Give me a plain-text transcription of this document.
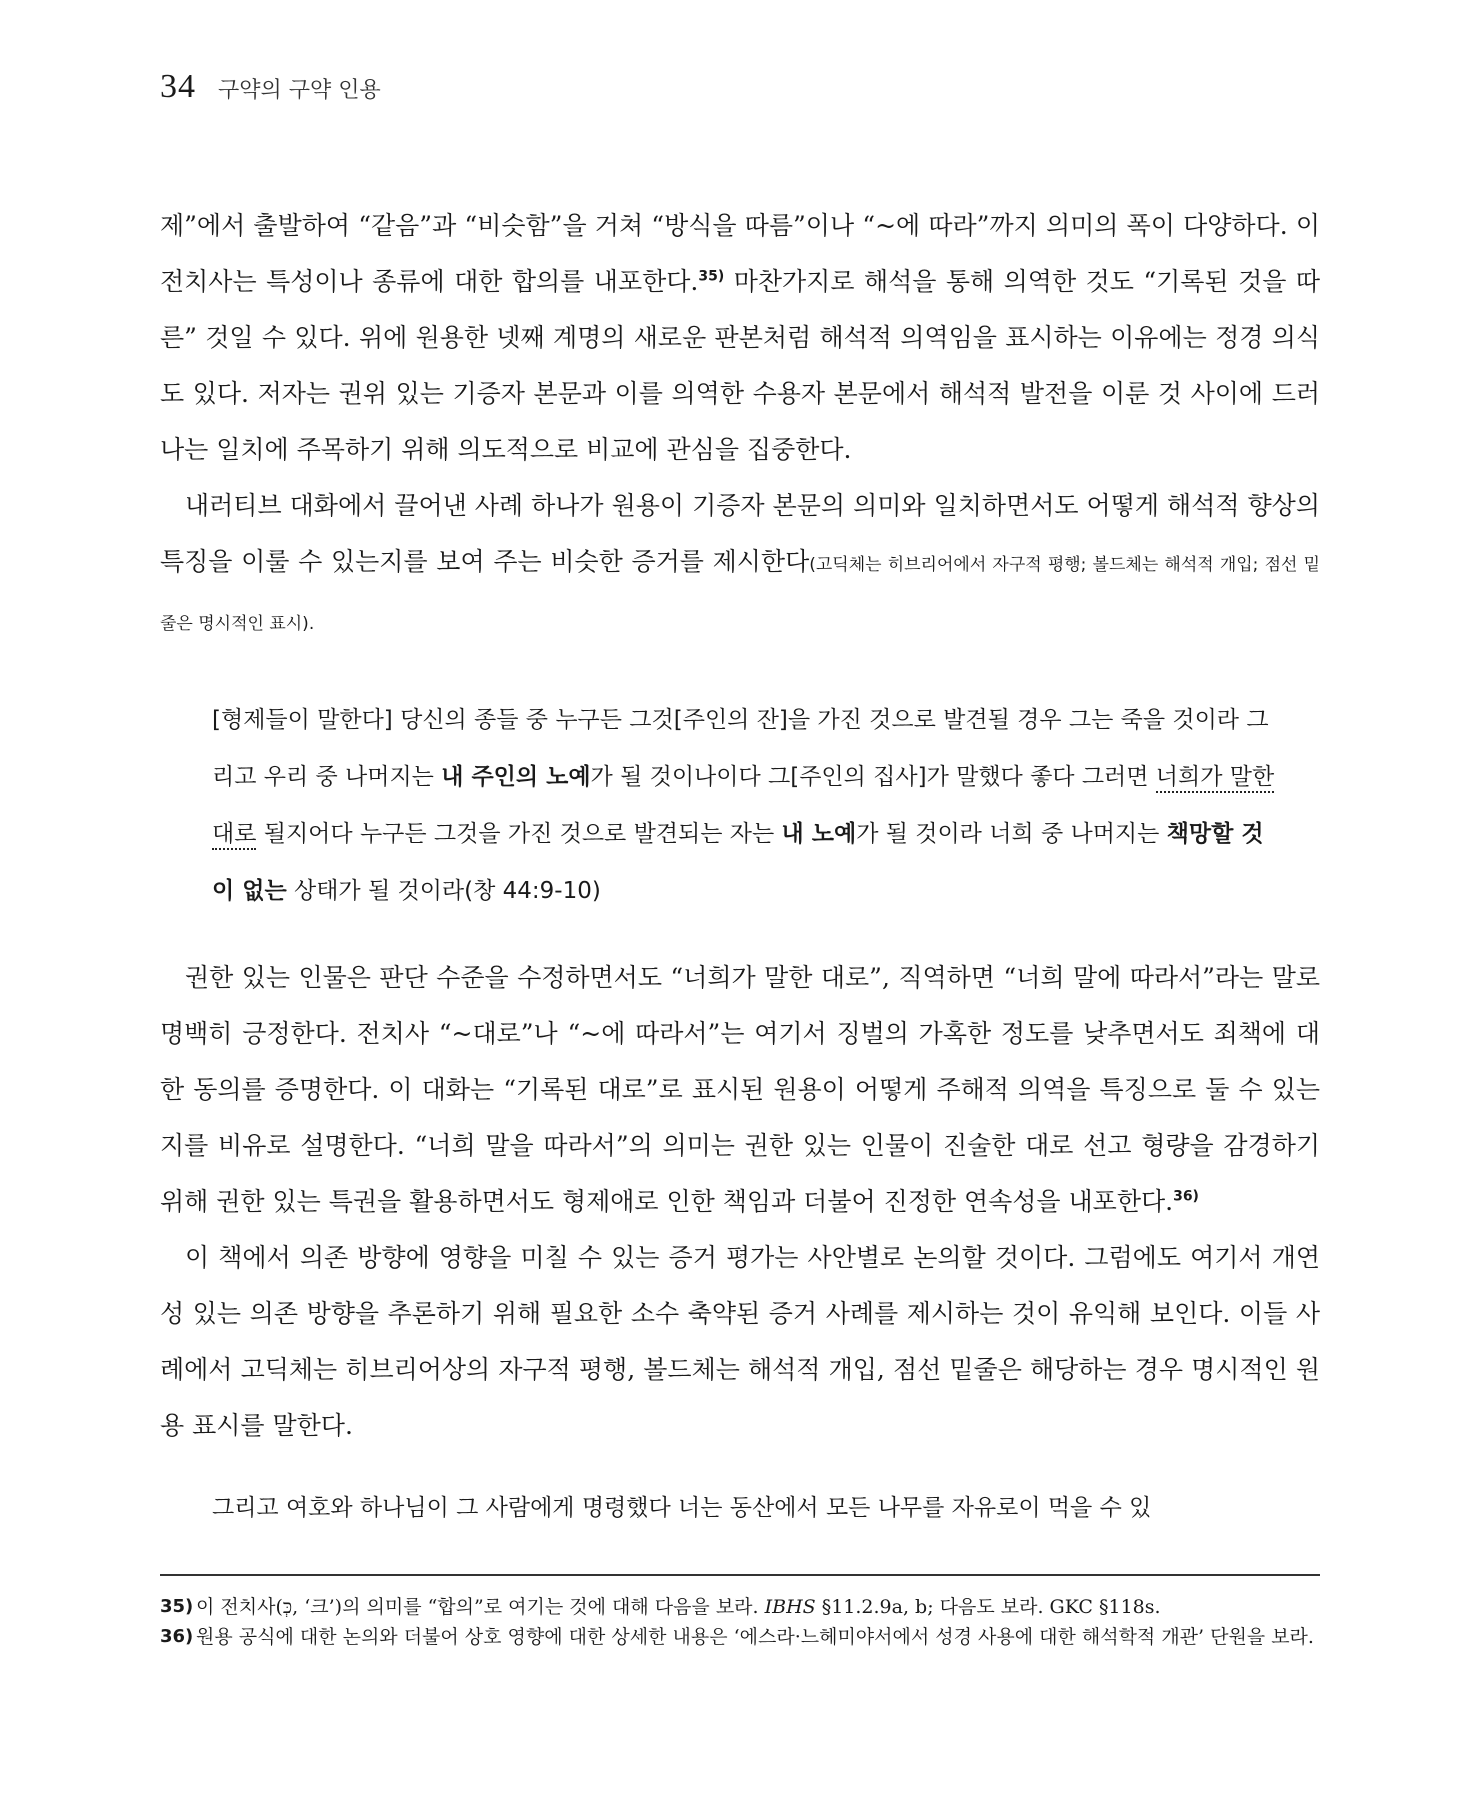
34 구약의 구약 인용

제”에서 출발하여 “같음”과 “비슷함”을 거쳐 “방식을 따름”이나 “~에 따라”까지 의미의 폭이 다양하다. 이 전치사는 특성이나 종류에 대한 합의를 내포한다.$^{35)}$ 마찬가지로 해석을 통해 의역한 것도 “기록된 것을 따른” 것일 수 있다. 위에 원용한 넷째 계명의 새로운 판본처럼 해석적 의역임을 표시하는 이유에는 정경 의식도 있다. 저자는 권위 있는 기증자 본문과 이를 의역한 수용자 본문에서 해석적 발전을 이룬 것 사이에 드러나는 일치에 주목하기 위해 의도적으로 비교에 관심을 집중한다.

내러티브 대화에서 끌어낸 사례 하나가 원용이 기증자 본문의 의미와 일치하면서도 어떻게 해석적 향상의 특징을 이룰 수 있는지를 보여 주는 비슷한 증거를 제시한다(고딕체는 히브리어에서 자구적 평행; 볼드체는 해석적 개입; 점선 밑줄은 명시적인 표시).

[형제들이 말한다] 당신의 종들 중 누구든 그것[주인의 잔]을 가진 것으로 발견될 경우 그는 죽을 것이라 그리고 우리 중 나머지는 내 주인의 노예가 될 것이나이다 그[주인의 집사]가 말했다 좋다 그러면 너희가 말한 대로 될지어다 누구든 그것을 가진 것으로 발견되는 자는 내 노예가 될 것이라 너희 중 나머지는 책망할 것이 없는 상태가 될 것이라(창 44:9-10)

권한 있는 인물은 판단 수준을 수정하면서도 “너희가 말한 대로”, 직역하면 “너희 말에 따라서”라는 말로 명백히 긍정한다. 전치사 “~대로”나 “~에 따라서”는 여기서 징벌의 가혹한 정도를 낮추면서도 죄책에 대한 동의를 증명한다. 이 대화는 “기록된 대로”로 표시된 원용이 어떻게 주해적 의역을 특징으로 둘 수 있는지를 비유로 설명한다. “너희 말을 따라서”의 의미는 권한 있는 인물이 진술한 대로 선고 형량을 감경하기 위해 권한 있는 특권을 활용하면서도 형제애로 인한 책임과 더불어 진정한 연속성을 내포한다.$^{36)}$

이 책에서 의존 방향에 영향을 미칠 수 있는 증거 평가는 사안별로 논의할 것이다. 그럼에도 여기서 개연성 있는 의존 방향을 추론하기 위해 필요한 소수 축약된 증거 사례를 제시하는 것이 유익해 보인다. 이들 사례에서 고딕체는 히브리어상의 자구적 평행, 볼드체는 해석적 개입, 점선 밑줄은 해당하는 경우 명시적인 원용 표시를 말한다.

그리고 여호와 하나님이 그 사람에게 명령했다 너는 동산에서 모든 나무를 자유로이 먹을 수 있
35) 이 전치사(כְּ, ‘크’)의 의미를 “합의”로 여기는 것에 대해 다음을 보라. IBHS §11.2.9a, b; 다음도 보라. GKC §118s.
36) 원용 공식에 대한 논의와 더불어 상호 영향에 대한 상세한 내용은 ‘에스라·느헤미야서에서 성경 사용에 대한 해석학적 개관’ 단원을 보라.
